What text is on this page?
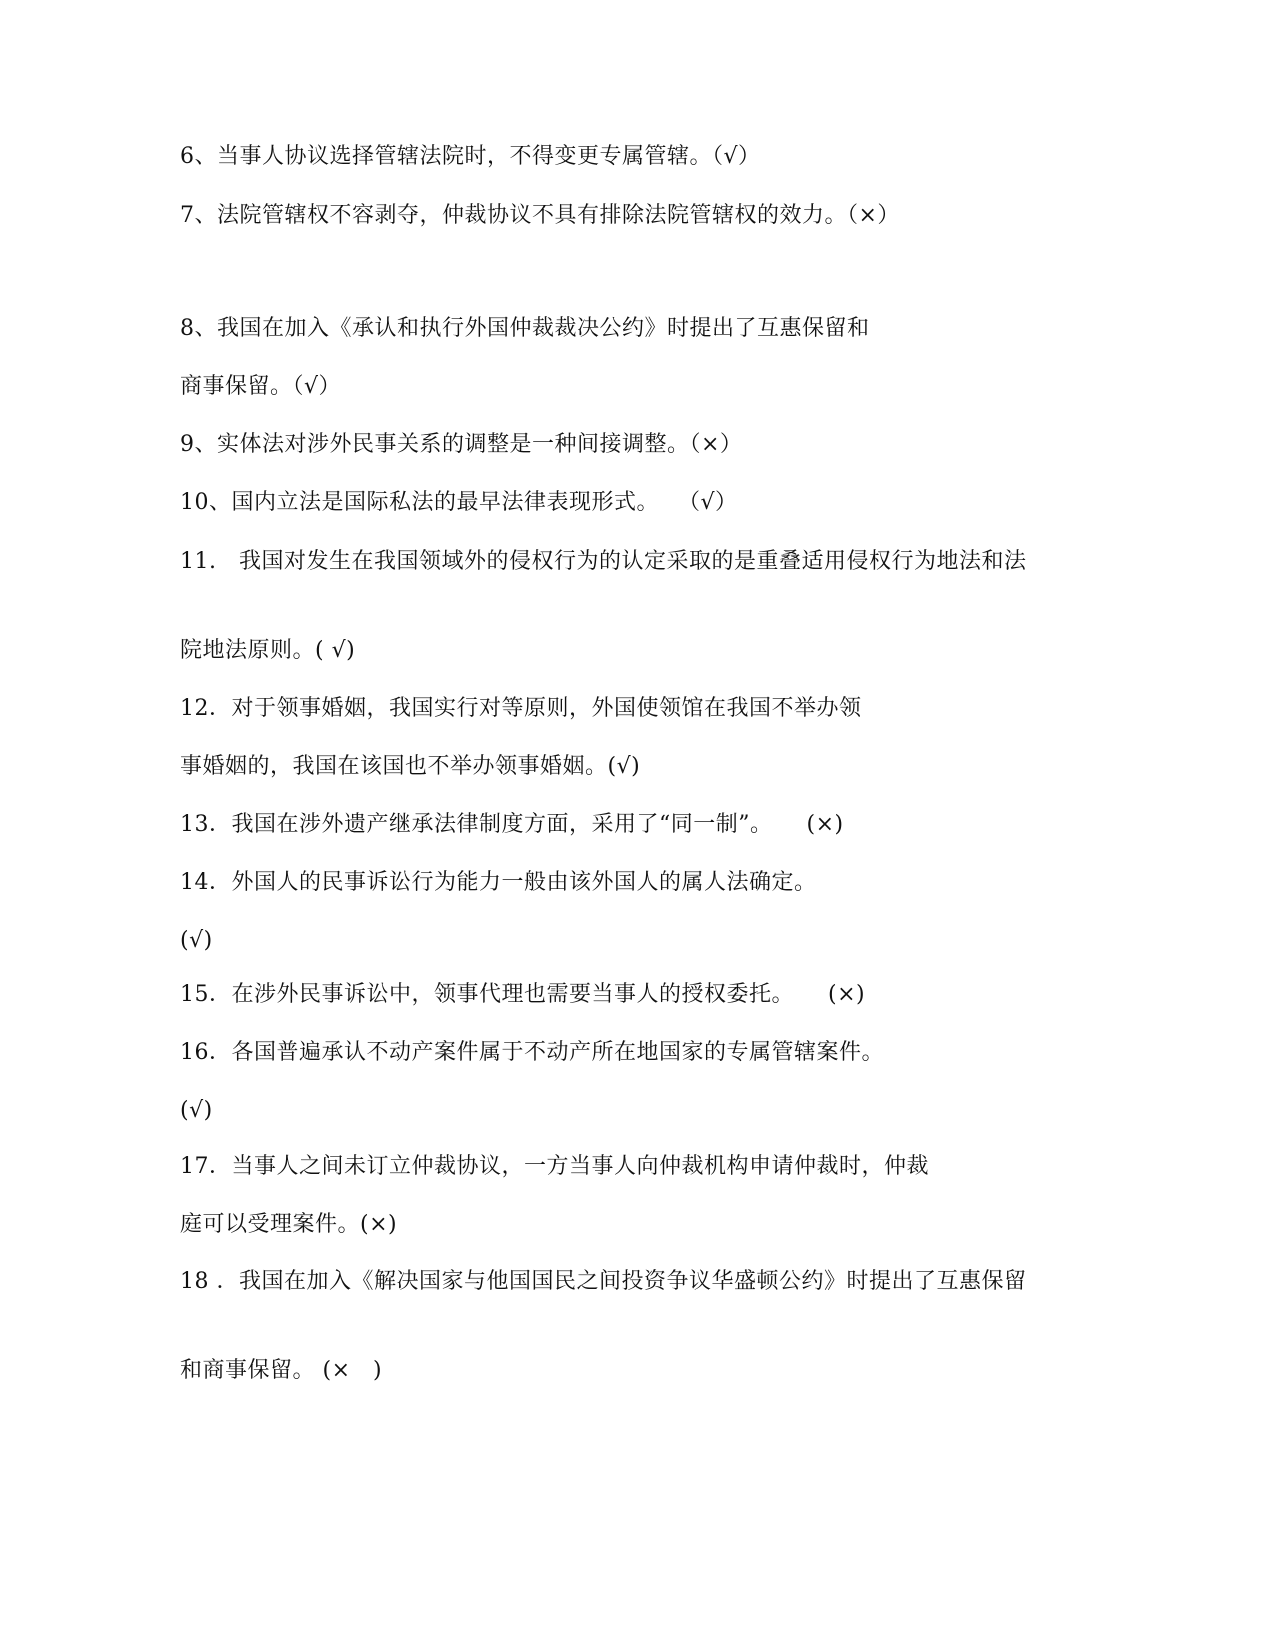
6、当事人协议选择管辖法院时，不得变更专属管辖。（√）
7、法院管辖权不容剥夺，仲裁协议不具有排除法院管辖权的效力。（×）
8、我国在加入《承认和执行外国仲裁裁决公约》时提出了互惠保留和
商事保留。（√）
9、实体法对涉外民事关系的调整是一种间接调整。（×）
10、国内立法是国际私法的最早法律表现形式。　 （√）
11.　我国对发生在我国领域外的侵权行为的认定采取的是重叠适用侵权行为地法和法
院地法原则。( √)
12．对于领事婚姻，我国实行对等原则，外国使领馆在我国不举办领
事婚姻的，我国在该国也不举办领事婚姻。(√)
13．我国在涉外遗产继承法律制度方面，采用了“同一制”。　　(×)
14．外国人的民事诉讼行为能力一般由该外国人的属人法确定。
(√)
15．在涉外民事诉讼中，领事代理也需要当事人的授权委托。　　(×)
16．各国普遍承认不动产案件属于不动产所在地国家的专属管辖案件。
(√)
17．当事人之间未订立仲裁协议，一方当事人向仲裁机构申请仲裁时，仲裁
庭可以受理案件。(×)
18 ．我国在加入《解决国家与他国国民之间投资争议华盛顿公约》时提出了互惠保留
和商事保留。 (×　)
